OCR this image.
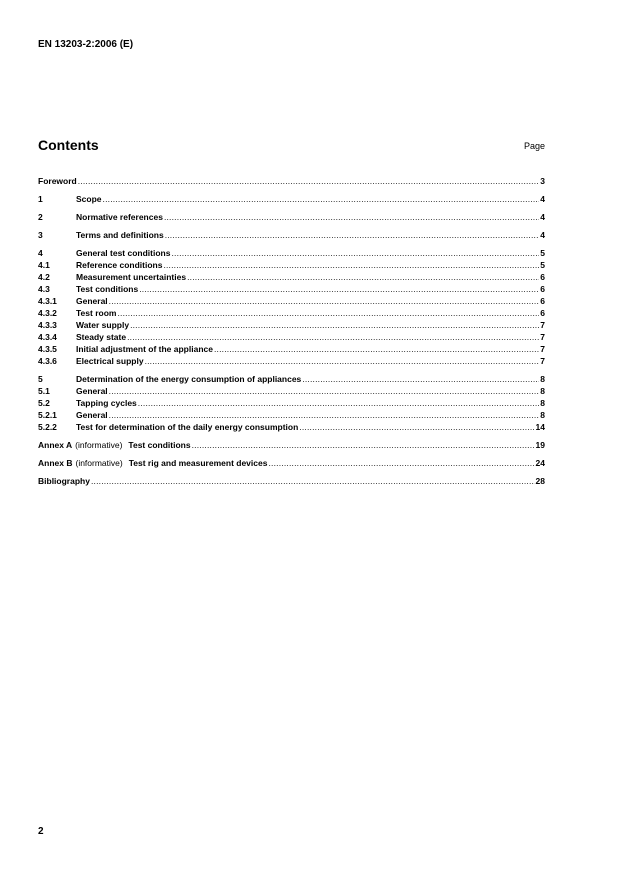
EN 13203-2:2006 (E)
Contents	Page
Foreword .....	3
1	Scope .....	4
2	Normative references .....	4
3	Terms and definitions .....	4
4	General test conditions .....	5
4.1	Reference conditions .....	5
4.2	Measurement uncertainties .....	6
4.3	Test conditions .....	6
4.3.1	General .....	6
4.3.2	Test room .....	6
4.3.3	Water supply .....	7
4.3.4	Steady state .....	7
4.3.5	Initial adjustment of the appliance .....	7
4.3.6	Electrical supply .....	7
5	Determination of the energy consumption of appliances .....	8
5.1	General .....	8
5.2	Tapping cycles .....	8
5.2.1	General .....	8
5.2.2	Test for determination of the daily energy consumption .....	14
Annex A (informative) Test conditions .....	19
Annex B (informative) Test rig and measurement devices .....	24
Bibliography .....	28
2
